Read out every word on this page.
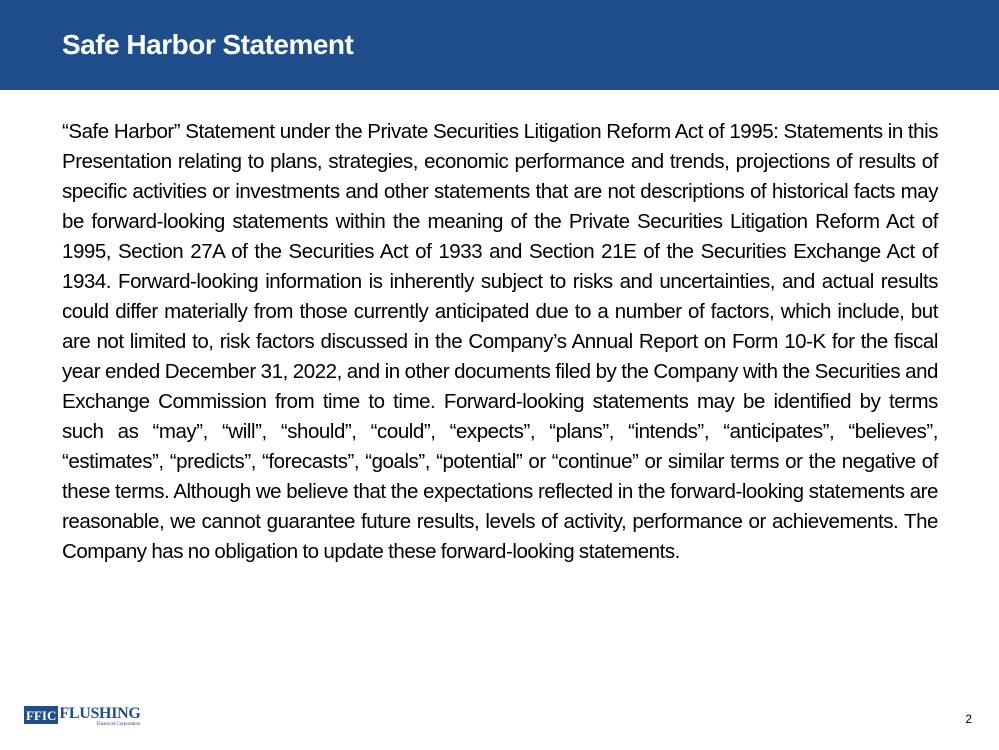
Safe Harbor Statement

“Safe Harbor” Statement under the Private Securities Litigation Reform Act of 1995: Statements in this Presentation relating to plans, strategies, economic performance and trends, projections of results of specific activities or investments and other statements that are not descriptions of historical facts may be forward-looking statements within the meaning of the Private Securities Litigation Reform Act of 1995, Section 27A of the Securities Act of 1933 and Section 21E of the Securities Exchange Act of 1934. Forward-looking information is inherently subject to risks and uncertainties, and actual results could differ materially from those currently anticipated due to a number of factors, which include, but are not limited to, risk factors discussed in the Company’s Annual Report on Form 10-K for the fiscal year ended December 31, 2022, and in other documents filed by the Company with the Securities and Exchange Commission from time to time. Forward-looking statements may be identified by terms such as “may”, “will”, “should”, “could”, “expects”, “plans”, “intends”, “anticipates”, “believes”, “estimates”, “predicts”, “forecasts”, “goals”, “potential” or “continue” or similar terms or the negative of these terms. Although we believe that the expectations reflected in the forward-looking statements are reasonable, we cannot guarantee future results, levels of activity, performance or achievements. The Company has no obligation to update these forward-looking statements.

FFIC FLUSHING
Financial Corporation	2
